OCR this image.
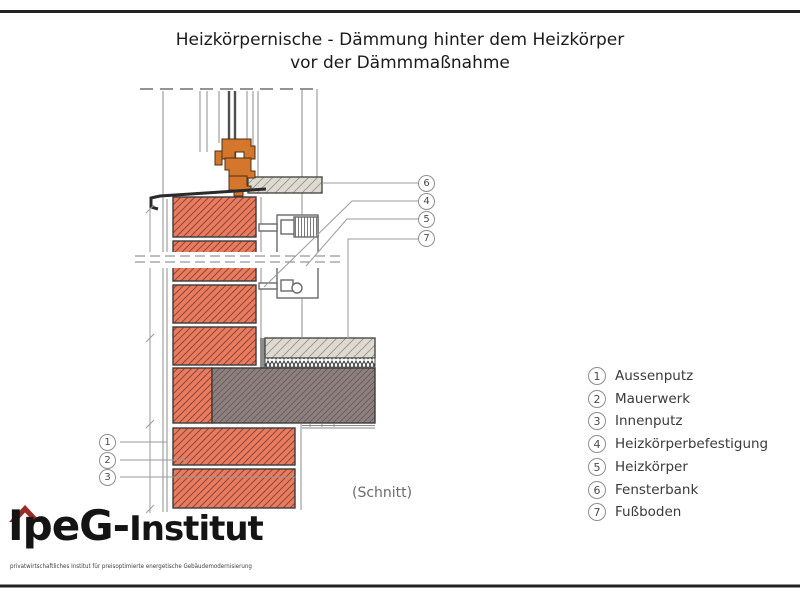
Heizkörpernische - Dämmung hinter dem Heizkörper
vor der Dämmmaßnahme
6
4
5
7
1
2
3
(Schnitt)
1	Aussenputz
2	Mauerwerk
3	Innenputz
4	Heizkörperbefestigung
5	Heizkörper
6	Fensterbank
7	Fußboden
IpeG-Institut
privatwirtschaftliches Institut für preisoptimierte energetische Gebäudemodernisierung
